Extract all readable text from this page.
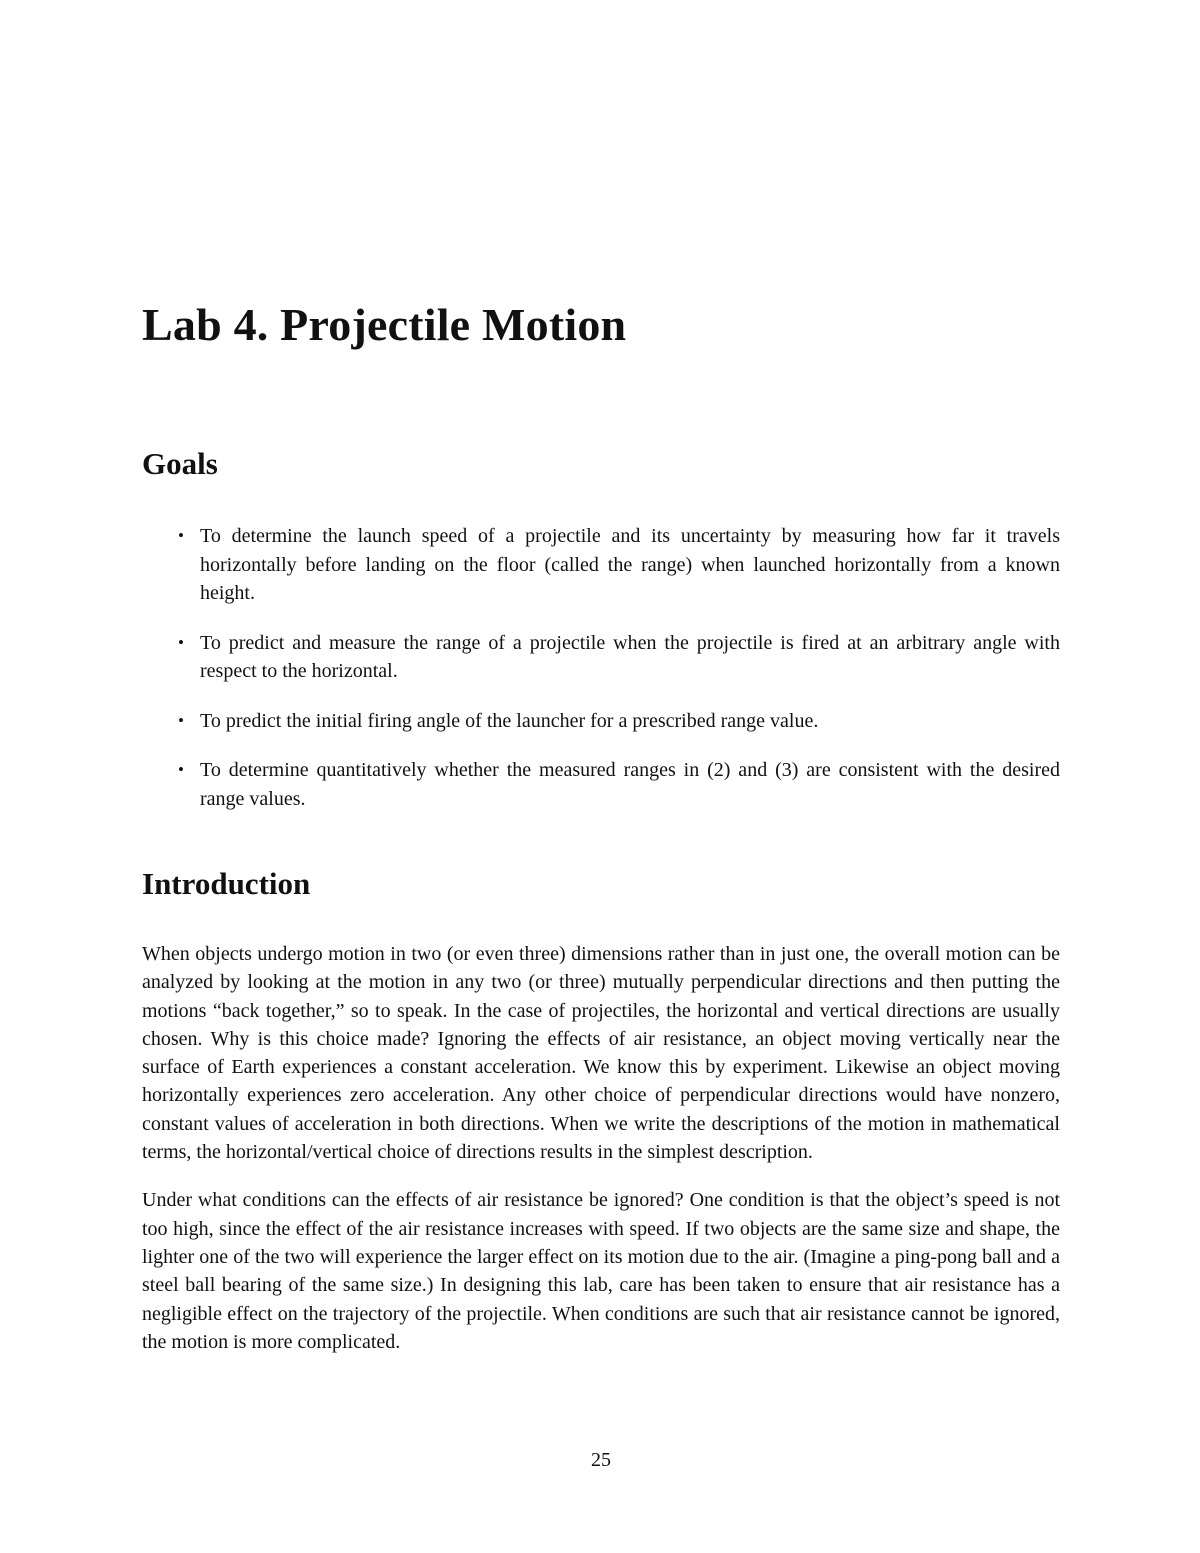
Lab 4. Projectile Motion
Goals
• To determine the launch speed of a projectile and its uncertainty by measuring how far it travels horizontally before landing on the floor (called the range) when launched horizontally from a known height.
• To predict and measure the range of a projectile when the projectile is fired at an arbitrary angle with respect to the horizontal.
• To predict the initial firing angle of the launcher for a prescribed range value.
• To determine quantitatively whether the measured ranges in (2) and (3) are consistent with the desired range values.
Introduction

When objects undergo motion in two (or even three) dimensions rather than in just one, the overall motion can be analyzed by looking at the motion in any two (or three) mutually perpendicular directions and then putting the motions “back together,” so to speak. In the case of projectiles, the horizontal and vertical directions are usually chosen. Why is this choice made? Ignoring the effects of air resistance, an object moving vertically near the surface of Earth experiences a constant acceleration. We know this by experiment. Likewise an object moving horizontally experiences zero acceleration. Any other choice of perpendicular directions would have nonzero, constant values of acceleration in both directions. When we write the descriptions of the motion in mathematical terms, the horizontal/vertical choice of directions results in the simplest description.

Under what conditions can the effects of air resistance be ignored? One condition is that the object’s speed is not too high, since the effect of the air resistance increases with speed. If two objects are the same size and shape, the lighter one of the two will experience the larger effect on its motion due to the air. (Imagine a ping-pong ball and a steel ball bearing of the same size.) In designing this lab, care has been taken to ensure that air resistance has a negligible effect on the trajectory of the projectile. When conditions are such that air resistance cannot be ignored, the motion is more complicated.

25
